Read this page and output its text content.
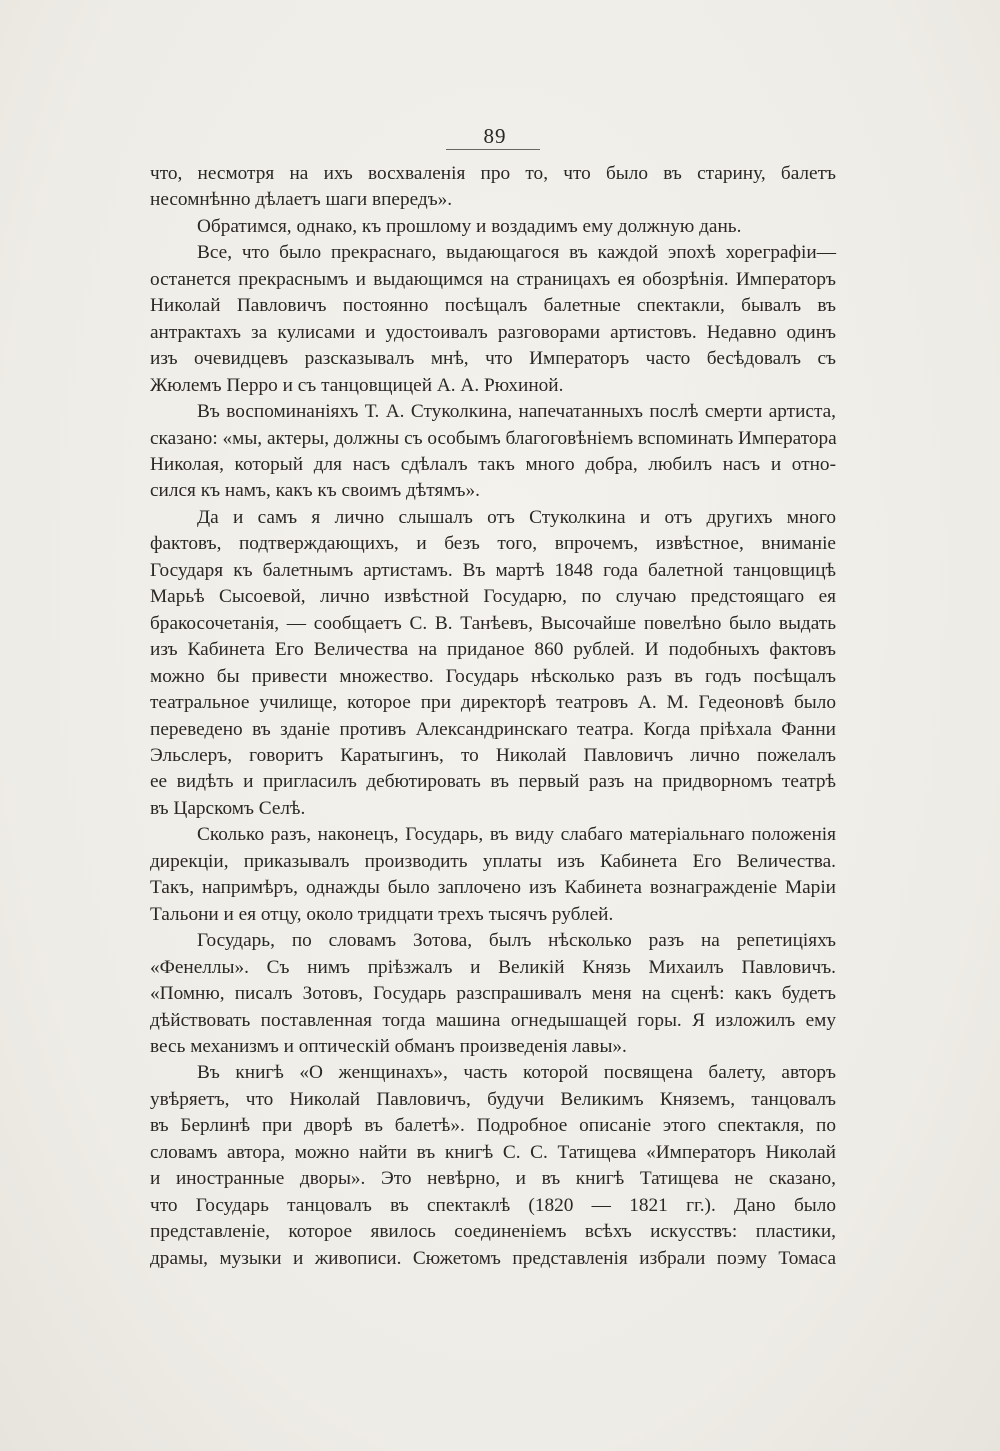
89
что, несмотря на ихъ восхваленія про то, что было въ старину, балетъ
несомнѣнно дѣлаетъ шаги впередъ».
Обратимся, однако, къ прошлому и воздадимъ ему должную дань.
Все, что было прекраснаго, выдающагося въ каждой эпохѣ хореграфіи—
останется прекраснымъ и выдающимся на страницахъ ея обозрѣнія. Императоръ
Николай Павловичъ постоянно посѣщалъ балетные спектакли, бывалъ въ
антрактахъ за кулисами и удостоивалъ разговорами артистовъ. Недавно одинъ
изъ очевидцевъ разсказывалъ мнѣ, что Императоръ часто бесѣдовалъ съ
Жюлемъ Перро и съ танцовщицей А. А. Рюхиной.
Въ воспоминаніяхъ Т. А. Стуколкина, напечатанныхъ послѣ смерти артиста,
сказано: «мы, актеры, должны съ особымъ благоговѣніемъ вспоминать Императора
Николая, который для насъ сдѣлалъ такъ много добра, любилъ насъ и отно-
сился къ намъ, какъ къ своимъ дѣтямъ».
Да и самъ я лично слышалъ отъ Стуколкина и отъ другихъ много
фактовъ, подтверждающихъ, и безъ того, впрочемъ, извѣстное, вниманіе
Государя къ балетнымъ артистамъ. Въ мартѣ 1848 года балетной танцовщицѣ
Марьѣ Сысоевой, лично извѣстной Государю, по случаю предстоящаго ея
бракосочетанія, — сообщаетъ С. В. Танѣевъ, Высочайше повелѣно было выдать
изъ Кабинета Его Величества на приданое 860 рублей. И подобныхъ фактовъ
можно бы привести множество. Государь нѣсколько разъ въ годъ посѣщалъ
театральное училище, которое при директорѣ театровъ А. М. Гедеоновѣ было
переведено въ зданіе противъ Александринскаго театра. Когда пріѣхала Фанни
Эльслеръ, говоритъ Каратыгинъ, то Николай Павловичъ лично пожелалъ
ее видѣть и пригласилъ дебютировать въ первый разъ на придворномъ театрѣ
въ Царскомъ Селѣ.
Сколько разъ, наконецъ, Государь, въ виду слабаго матеріальнаго положенія
дирекціи, приказывалъ производить уплаты изъ Кабинета Его Величества.
Такъ, напримѣръ, однажды было заплочено изъ Кабинета вознагражденіе Маріи
Тальони и ея отцу, около тридцати трехъ тысячъ рублей.
Государь, по словамъ Зотова, былъ нѣсколько разъ на репетиціяхъ
«Фенеллы». Съ нимъ пріѣзжалъ и Великій Князь Михаилъ Павловичъ.
«Помню, писалъ Зотовъ, Государь разспрашивалъ меня на сценѣ: какъ будетъ
дѣйствовать поставленная тогда машина огнедышащей горы. Я изложилъ ему
весь механизмъ и оптическій обманъ произведенія лавы».
Въ книгѣ «О женщинахъ», часть которой посвящена балету, авторъ
увѣряетъ, что Николай Павловичъ, будучи Великимъ Княземъ, танцовалъ
въ Берлинѣ при дворѣ въ балетѣ». Подробное описаніе этого спектакля, по
словамъ автора, можно найти въ книгѣ С. С. Татищева «Императоръ Николай
и иностранные дворы». Это невѣрно, и въ книгѣ Татищева не сказано,
что Государь танцовалъ въ спектаклѣ (1820 — 1821 гг.). Дано было
представленіе, которое явилось соединеніемъ всѣхъ искусствъ: пластики,
драмы, музыки и живописи. Сюжетомъ представленія избрали поэму Томаса
